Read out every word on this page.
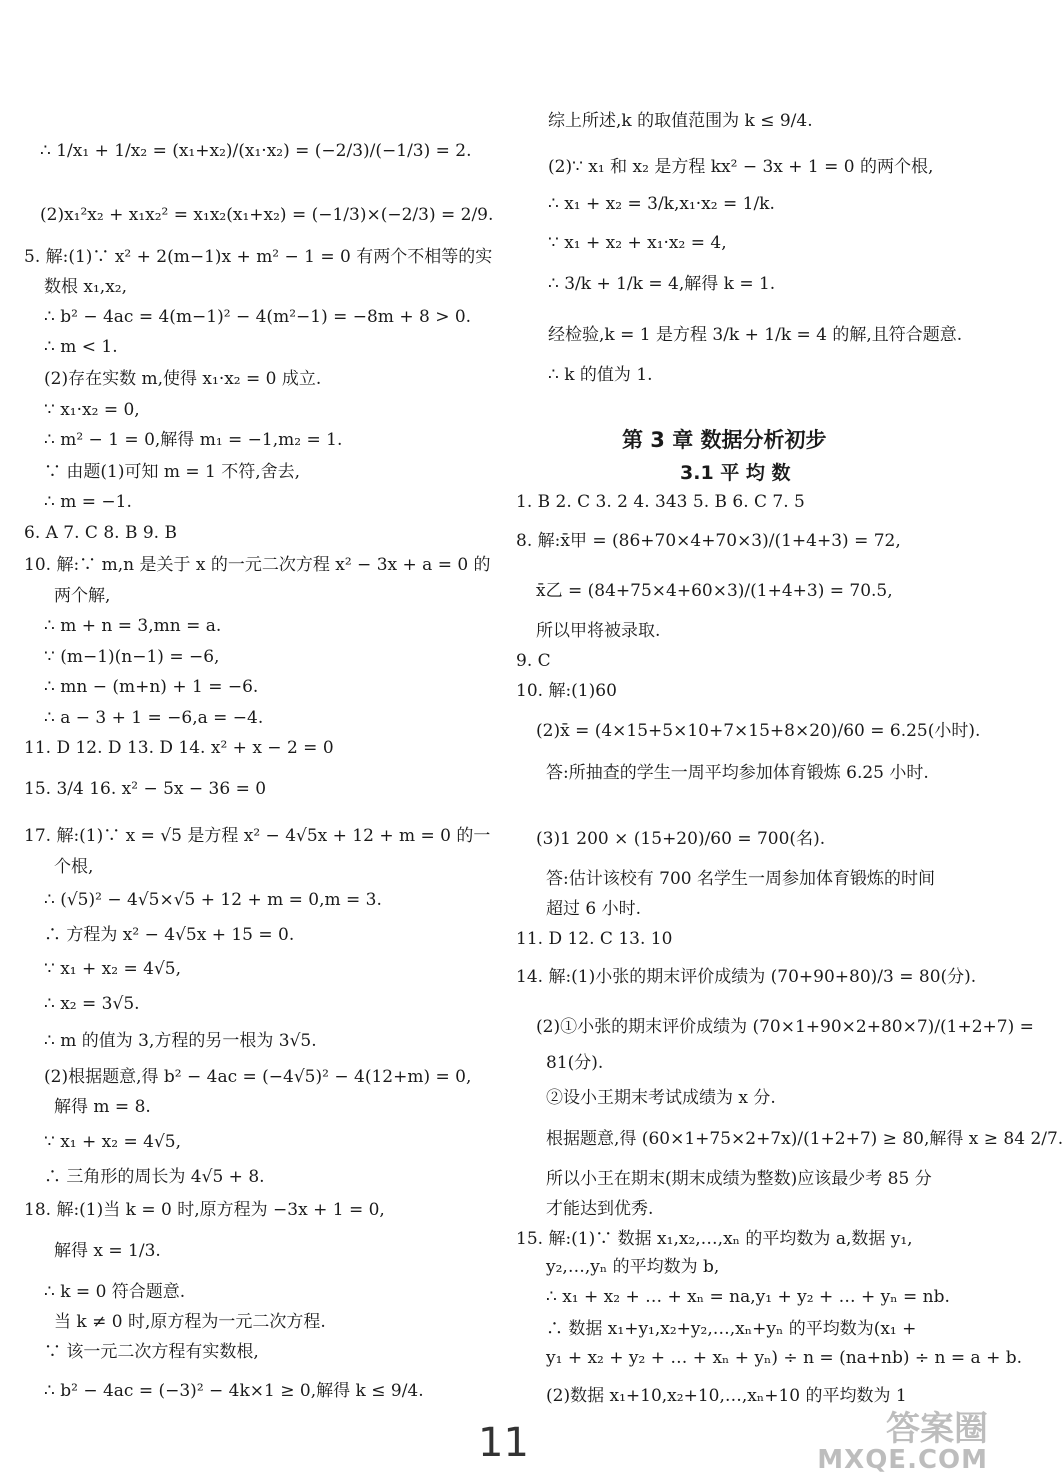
∴ 1/x₁ + 1/x₂ = (x₁+x₂)/(x₁·x₂) = (−2/3)/(−1/3) = 2.
(2)x₁²x₂ + x₁x₂² = x₁x₂(x₁+x₂) = (−1/3)×(−2/3) = 2/9.
5. 解:(1)∵ x² + 2(m−1)x + m² − 1 = 0 有两个不相等的实
数根 x₁,x₂,
∴ b² − 4ac = 4(m−1)² − 4(m²−1) = −8m + 8 > 0.
∴ m < 1.
(2)存在实数 m,使得 x₁·x₂ = 0 成立.
∵ x₁·x₂ = 0,
∴ m² − 1 = 0,解得 m₁ = −1,m₂ = 1.
∵ 由题(1)可知 m = 1 不符,舍去,
∴ m = −1.
6. A 7. C 8. B 9. B
10. 解:∵ m,n 是关于 x 的一元二次方程 x² − 3x + a = 0 的
两个解,
∴ m + n = 3,mn = a.
∵ (m−1)(n−1) = −6,
∴ mn − (m+n) + 1 = −6.
∴ a − 3 + 1 = −6,a = −4.
11. D 12. D 13. D 14. x² + x − 2 = 0
15. 3/4 16. x² − 5x − 36 = 0
17. 解:(1)∵ x = √5 是方程 x² − 4√5x + 12 + m = 0 的一
个根,
∴ (√5)² − 4√5×√5 + 12 + m = 0,m = 3.
∴ 方程为 x² − 4√5x + 15 = 0.
∵ x₁ + x₂ = 4√5,
∴ x₂ = 3√5.
∴ m 的值为 3,方程的另一根为 3√5.
(2)根据题意,得 b² − 4ac = (−4√5)² − 4(12+m) = 0,
解得 m = 8.
∵ x₁ + x₂ = 4√5,
∴ 三角形的周长为 4√5 + 8.
18. 解:(1)当 k = 0 时,原方程为 −3x + 1 = 0,
解得 x = 1/3.
∴ k = 0 符合题意.
当 k ≠ 0 时,原方程为一元二次方程.
∵ 该一元二次方程有实数根,
∴ b² − 4ac = (−3)² − 4k×1 ≥ 0,解得 k ≤ 9/4.
综上所述,k 的取值范围为 k ≤ 9/4.
(2)∵ x₁ 和 x₂ 是方程 kx² − 3x + 1 = 0 的两个根,
∴ x₁ + x₂ = 3/k,x₁·x₂ = 1/k.
∵ x₁ + x₂ + x₁·x₂ = 4,
∴ 3/k + 1/k = 4,解得 k = 1.
经检验,k = 1 是方程 3/k + 1/k = 4 的解,且符合题意.
∴ k 的值为 1.
第 3 章 数据分析初步
3.1 平 均 数
1. B 2. C 3. 2 4. 343 5. B 6. C 7. 5
8. 解:x̄甲 = (86+70×4+70×3)/(1+4+3) = 72,
x̄乙 = (84+75×4+60×3)/(1+4+3) = 70.5,
所以甲将被录取.
9. C
10. 解:(1)60
(2)x̄ = (4×15+5×10+7×15+8×20)/60 = 6.25(小时).
答:所抽查的学生一周平均参加体育锻炼 6.25 小时.
(3)1 200 × (15+20)/60 = 700(名).
答:估计该校有 700 名学生一周参加体育锻炼的时间
超过 6 小时.
11. D 12. C 13. 10
14. 解:(1)小张的期末评价成绩为 (70+90+80)/3 = 80(分).
(2)①小张的期末评价成绩为 (70×1+90×2+80×7)/(1+2+7) =
81(分).
②设小王期末考试成绩为 x 分.
根据题意,得 (60×1+75×2+7x)/(1+2+7) ≥ 80,解得 x ≥ 84 2/7.
所以小王在期末(期末成绩为整数)应该最少考 85 分
才能达到优秀.
15. 解:(1)∵ 数据 x₁,x₂,…,xₙ 的平均数为 a,数据 y₁,
y₂,…,yₙ 的平均数为 b,
∴ x₁ + x₂ + … + xₙ = na,y₁ + y₂ + … + yₙ = nb.
∴ 数据 x₁+y₁,x₂+y₂,…,xₙ+yₙ 的平均数为(x₁ +
y₁ + x₂ + y₂ + … + xₙ + yₙ) ÷ n = (na+nb) ÷ n = a + b.
(2)数据 x₁+10,x₂+10,…,xₙ+10 的平均数为 1
11	答案圈
MXQE.COM
